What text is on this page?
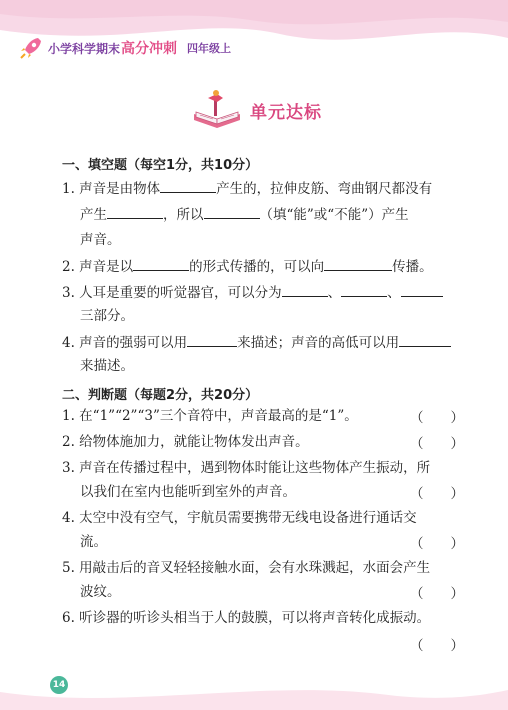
小学科学期末 高分冲刺 四年级上
单元达标
一、填空题（每空1分，共10分）
1. 声音是由物体	产生的，拉伸皮筋、弯曲钢尺都没有
产生	，所以	（填“能”或“不能”）产生
声音。
2. 声音是以	的形式传播的，可以向	传播。
3. 人耳是重要的听觉器官，可以分为	、	、
三部分。
4. 声音的强弱可以用	来描述；声音的高低可以用
来描述。
二、判断题（每题2分，共20分）
1. 在“1”“2”“3”三个音符中，声音最高的是“1”。	（　　）
2. 给物体施加力，就能让物体发出声音。	（　　）
3. 声音在传播过程中，遇到物体时能让这些物体产生振动，所
以我们在室内也能听到室外的声音。	（　　）
4. 太空中没有空气，宇航员需要携带无线电设备进行通话交
流。	（　　）
5. 用敲击后的音叉轻轻接触水面，会有水珠溅起，水面会产生
波纹。	（　　）
6. 听诊器的听诊头相当于人的鼓膜，可以将声音转化成振动。
（　　）
14
